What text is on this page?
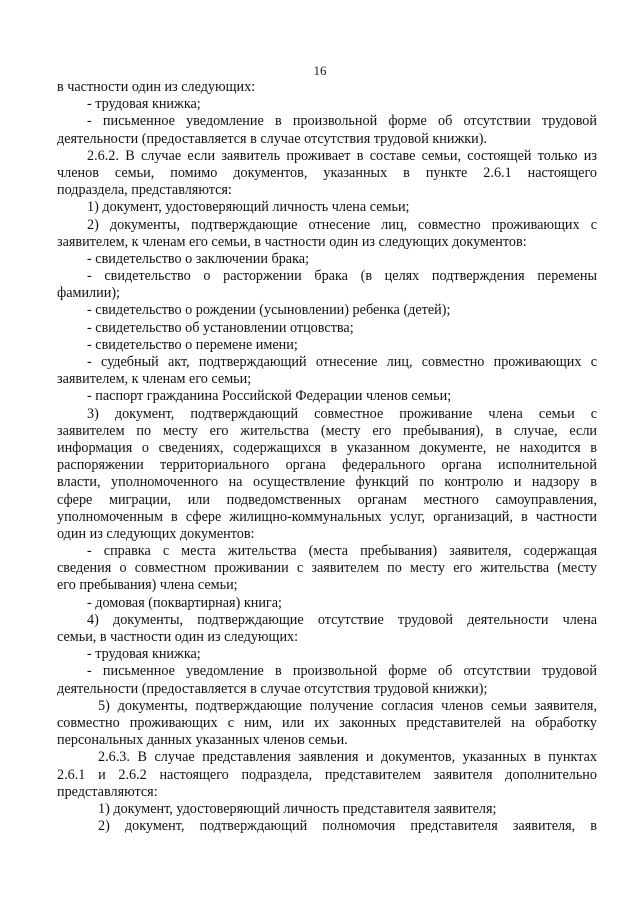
16
в частности один из следующих:
- трудовая книжка;
- письменное уведомление в произвольной форме об отсутствии трудовой
деятельности (предоставляется в случае отсутствия трудовой книжки).
2.6.2. В случае если заявитель проживает в составе семьи, состоящей только из
членов семьи, помимо документов, указанных в пункте 2.6.1 настоящего
подраздела, представляются:
1) документ, удостоверяющий личность члена семьи;
2) документы, подтверждающие отнесение лиц, совместно проживающих с
заявителем, к членам его семьи, в частности один из следующих документов:
- свидетельство о заключении брака;
- свидетельство о расторжении брака (в целях подтверждения перемены
фамилии);
- свидетельство о рождении (усыновлении) ребенка (детей);
- свидетельство об установлении отцовства;
- свидетельство о перемене имени;
- судебный акт, подтверждающий отнесение лиц, совместно проживающих с
заявителем, к членам его семьи;
- паспорт гражданина Российской Федерации членов семьи;
3) документ, подтверждающий совместное проживание члена семьи с
заявителем по месту его жительства (месту его пребывания), в случае, если
информация о сведениях, содержащихся в указанном документе, не находится в
распоряжении территориального органа федерального органа исполнительной
власти, уполномоченного на осуществление функций по контролю и надзору в
сфере миграции, или подведомственных органам местного самоуправления,
уполномоченным в сфере жилищно-коммунальных услуг, организаций, в частности
один из следующих документов:
- справка с места жительства (места пребывания) заявителя, содержащая
сведения о совместном проживании с заявителем по месту его жительства (месту
его пребывания) члена семьи;
- домовая (поквартирная) книга;
4) документы, подтверждающие отсутствие трудовой деятельности члена
семьи, в частности один из следующих:
- трудовая книжка;
- письменное уведомление в произвольной форме об отсутствии трудовой
деятельности (предоставляется в случае отсутствия трудовой книжки);
5) документы, подтверждающие получение согласия членов семьи заявителя,
совместно проживающих с ним, или их законных представителей на обработку
персональных данных указанных членов семьи.
2.6.3. В случае представления заявления и документов, указанных в пунктах
2.6.1 и 2.6.2 настоящего подраздела, представителем заявителя дополнительно
представляются:
1) документ, удостоверяющий личность представителя заявителя;
2) документ, подтверждающий полномочия представителя заявителя, в
